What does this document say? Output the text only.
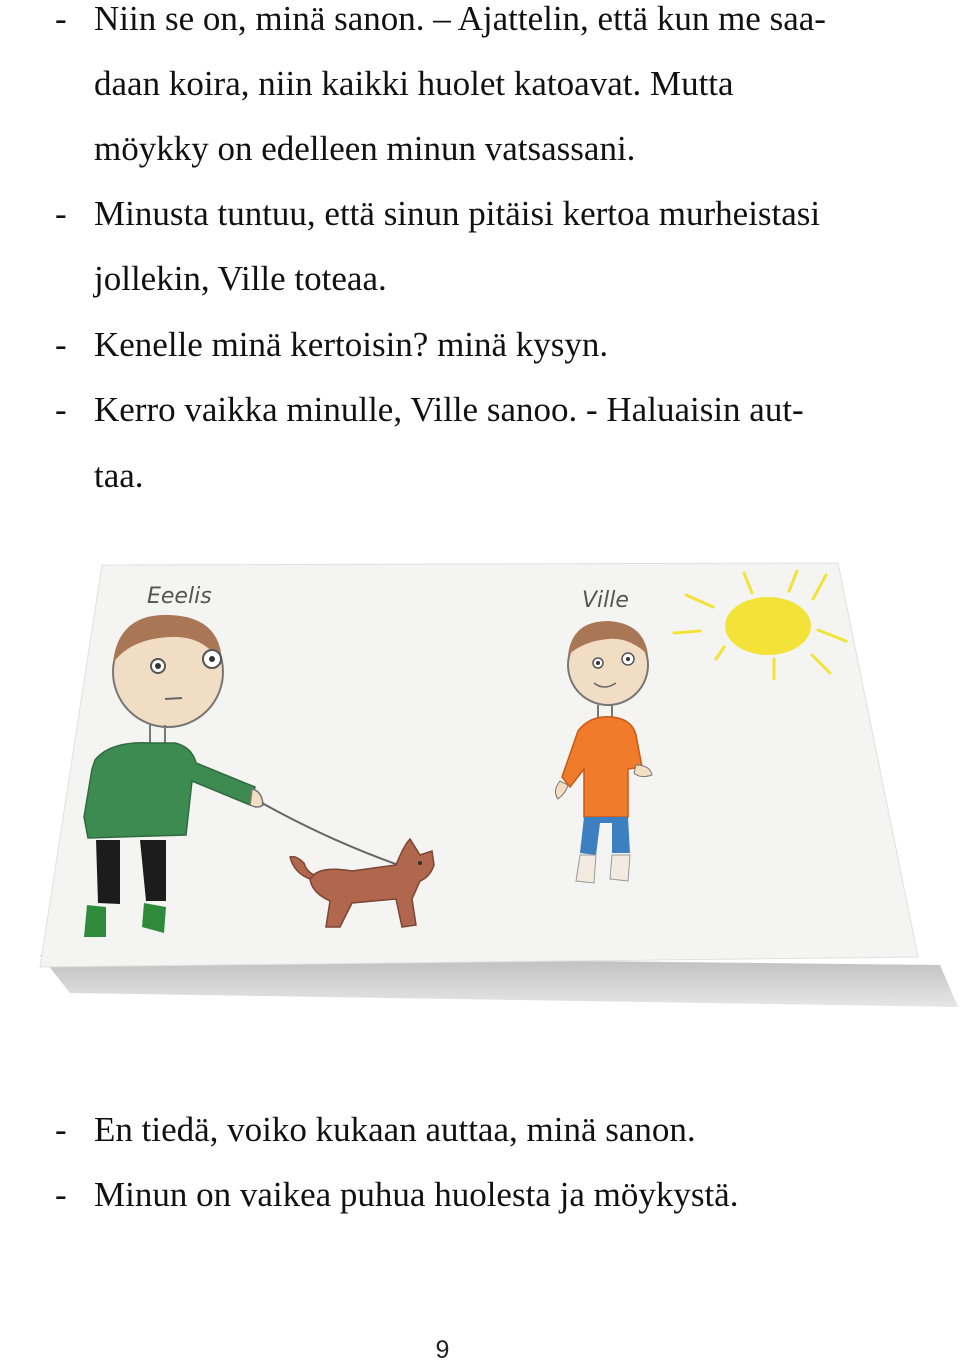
- Niin se on, minä sanon. – Ajattelin, että kun me saa-
daan koira, niin kaikki huolet katoavat. Mutta
möykky on edelleen minun vatsassani.
- Minusta tuntuu, että sinun pitäisi kertoa murheistasi
jollekin, Ville toteaa.
- Kenelle minä kertoisin? minä kysyn.
- Kerro vaikka minulle, Ville sanoo. - Haluaisin aut-
taa.
Eeelis	Ville
- En tiedä, voiko kukaan auttaa, minä sanon.
- Minun on vaikea puhua huolesta ja möykystä.
9
